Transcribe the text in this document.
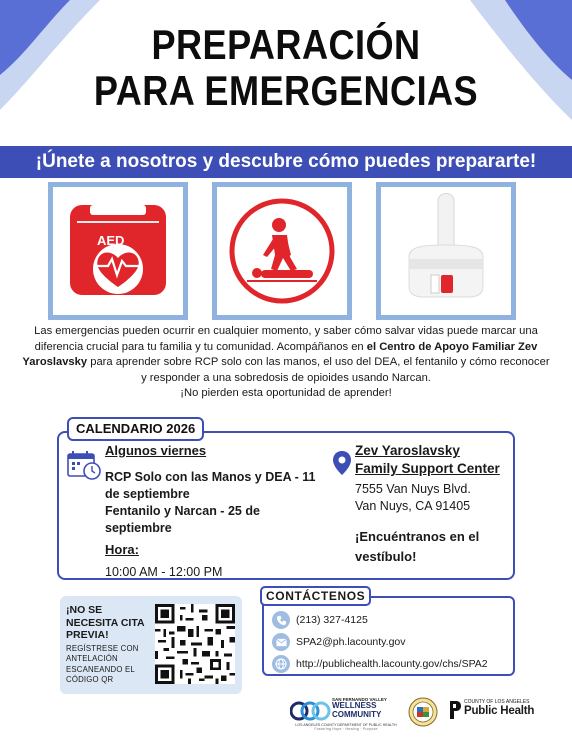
PREPARACIÓN
PARA EMERGENCIAS
¡Únete a nosotros y descubre cómo puedes prepararte!
AED
Las emergencias pueden ocurrir en cualquier momento, y saber cómo salvar vidas puede marcar una diferencia crucial para tu familia y tu comunidad. Acompáñanos en el Centro de Apoyo Familiar Zev Yaroslavsky para aprender sobre RCP solo con las manos, el uso del DEA, el fentanilo y cómo reconocer y responder a una sobredosis de opioides usando Narcan.
¡No pierden esta oportunidad de aprender!
CALENDARIO 2026
Algunos viernes
RCP Solo con las Manos y DEA - 11 de septiembre
Fentanilo y Narcan - 25 de septiembre
Hora:
10:00 AM - 12:00 PM
Zev Yaroslavsky Family Support Center
7555 Van Nuys Blvd.
Van Nuys, CA 91405
¡Encuéntranos en el vestíbulo!
¡NO SE NECESITA CITA PREVIA!
REGÍSTRESE CON ANTELACIÓN ESCANEANDO EL CÓDIGO QR
CONTÁCTENOS
(213) 327-4125
SPA2@ph.lacounty.gov
http://publichealth.lacounty.gov/chs/SPA2
SAN FERNANDO VALLEY
WELLNESS COMMUNITY
LOS ANGELES COUNTY DEPARTMENT OF PUBLIC HEALTH
Fostering Hope · Healing · Purpose
COUNTY OF LOS ANGELES
Public Health
